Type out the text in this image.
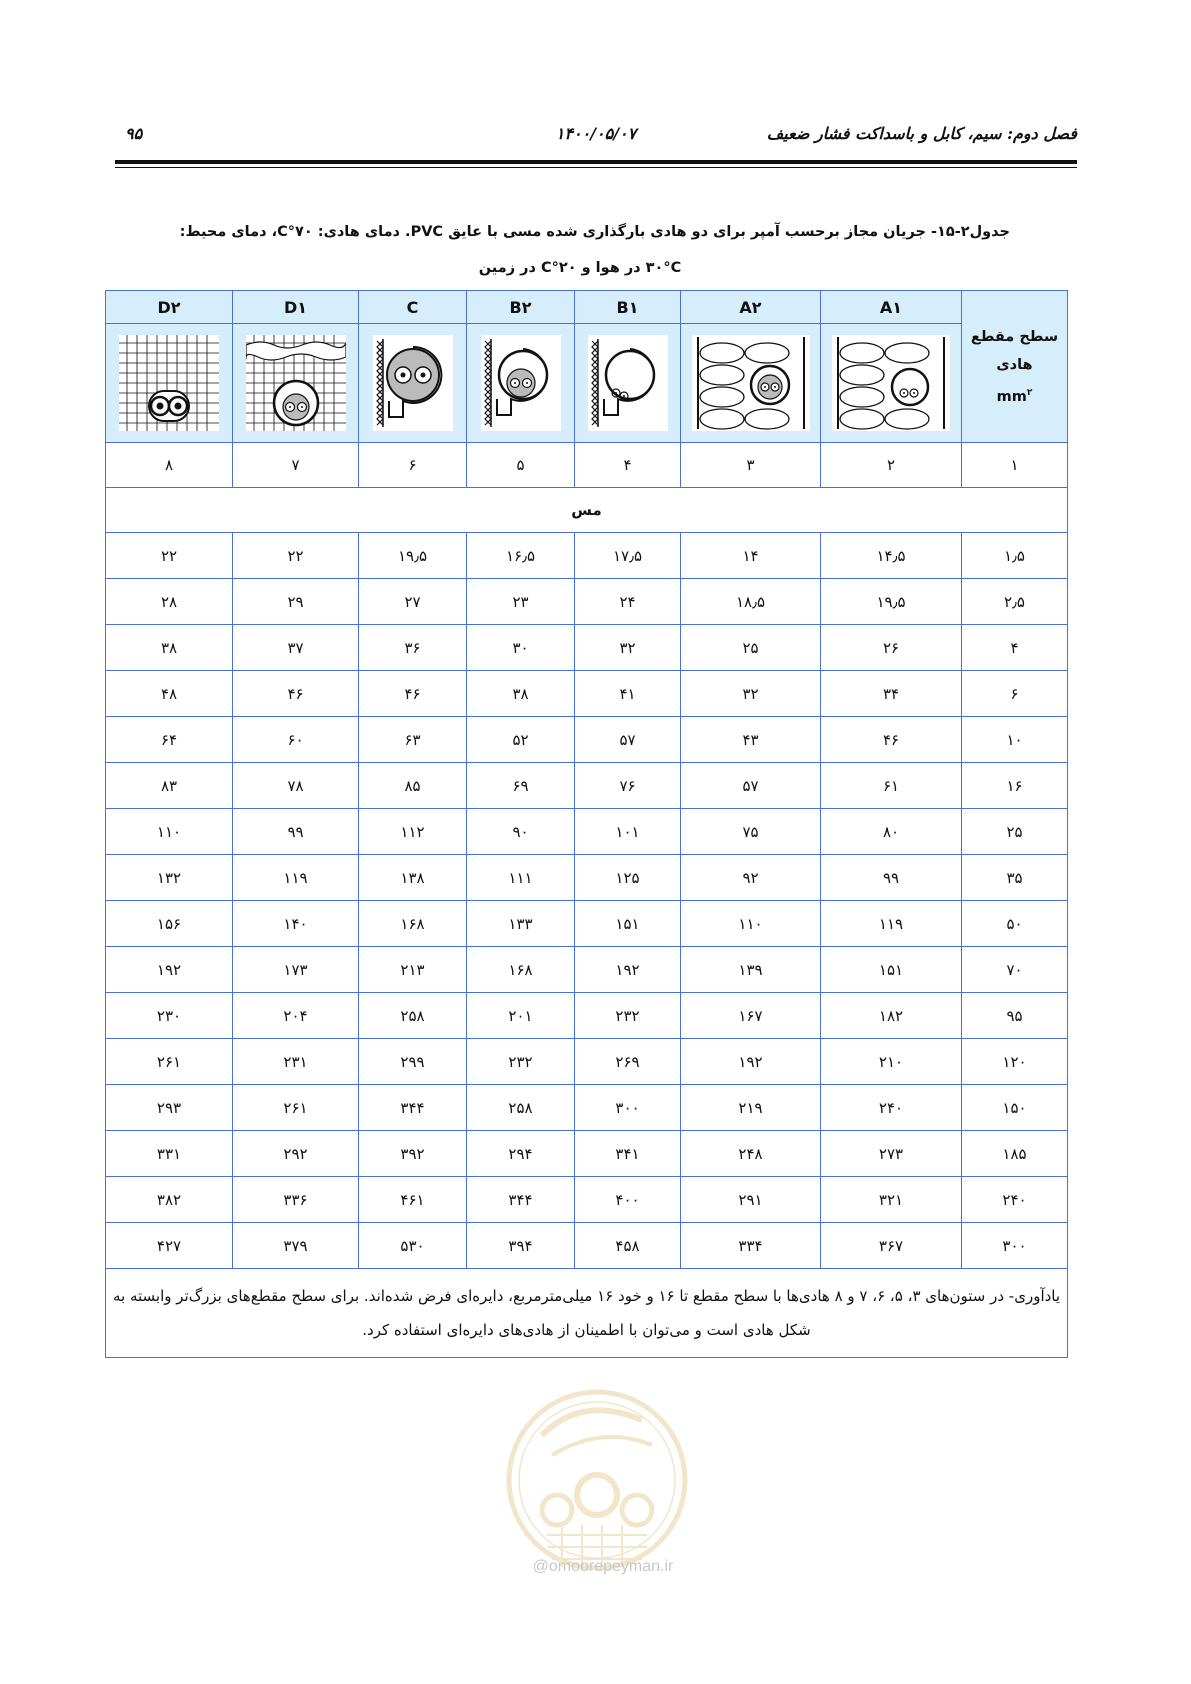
فصل دوم: سیم، کابل و باسداکت فشار ضعیف
۱۴۰۰/۰۵/۰۷
۹۵
جدول۲-۱۵- جریان مجاز برحسب آمپر برای دو هادی بارگذاری شده مسی با عایق PVC. دمای هادی: ۷۰°C، دمای محیط:
۳۰°C در هوا و ۲۰°C در زمین
سطح مقطع
هادی
$mm^۲$	A۱	A۲	B۱	B۲	C	D۱	D۲

۱	۲	۳	۴	۵	۶	۷	۸
مس							
۱٫۵	۱۴٫۵	۱۴	۱۷٫۵	۱۶٫۵	۱۹٫۵	۲۲	۲۲
۲٫۵	۱۹٫۵	۱۸٫۵	۲۴	۲۳	۲۷	۲۹	۲۸
۴	۲۶	۲۵	۳۲	۳۰	۳۶	۳۷	۳۸
۶	۳۴	۳۲	۴۱	۳۸	۴۶	۴۶	۴۸
۱۰	۴۶	۴۳	۵۷	۵۲	۶۳	۶۰	۶۴
۱۶	۶۱	۵۷	۷۶	۶۹	۸۵	۷۸	۸۳
۲۵	۸۰	۷۵	۱۰۱	۹۰	۱۱۲	۹۹	۱۱۰
۳۵	۹۹	۹۲	۱۲۵	۱۱۱	۱۳۸	۱۱۹	۱۳۲
۵۰	۱۱۹	۱۱۰	۱۵۱	۱۳۳	۱۶۸	۱۴۰	۱۵۶
۷۰	۱۵۱	۱۳۹	۱۹۲	۱۶۸	۲۱۳	۱۷۳	۱۹۲
۹۵	۱۸۲	۱۶۷	۲۳۲	۲۰۱	۲۵۸	۲۰۴	۲۳۰
۱۲۰	۲۱۰	۱۹۲	۲۶۹	۲۳۲	۲۹۹	۲۳۱	۲۶۱
۱۵۰	۲۴۰	۲۱۹	۳۰۰	۲۵۸	۳۴۴	۲۶۱	۲۹۳
۱۸۵	۲۷۳	۲۴۸	۳۴۱	۲۹۴	۳۹۲	۲۹۲	۳۳۱
۲۴۰	۳۲۱	۲۹۱	۴۰۰	۳۴۴	۴۶۱	۳۳۶	۳۸۲
۳۰۰	۳۶۷	۳۳۴	۴۵۸	۳۹۴	۵۳۰	۳۷۹	۴۲۷
یادآوری- در ستون‌های ۳، ۵، ۶، ۷ و ۸ هادی‌ها با سطح مقطع تا ۱۶ و خود ۱۶ میلی‌مترمربع، دایره‌ای فرض شده‌اند. برای سطح مقطع‌های بزرگ‌تر وابسته به شکل هادی است و می‌توان با اطمینان از هادی‌های دایره‌ای استفاده کرد.							
@omoorepeyman.ir
